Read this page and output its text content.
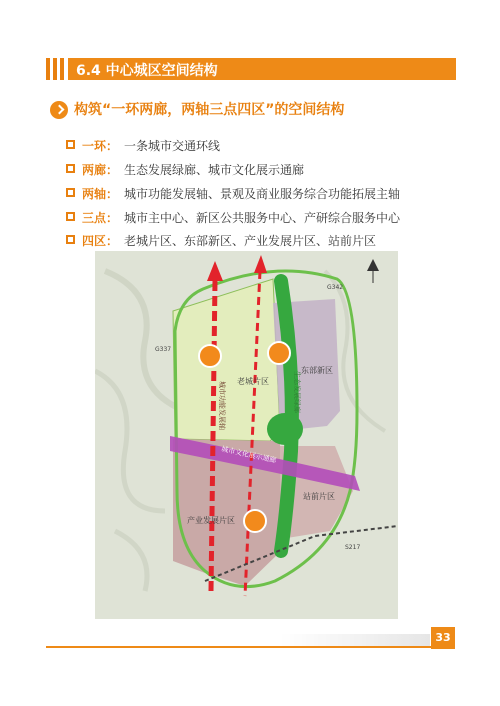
6.4 中心城区空间结构
构筑“一环两廊，两轴三点四区”的空间结构
一环： 一条城市交通环线
两廊： 生态发展绿廊、城市文化展示通廊
两轴： 城市功能发展轴、景观及商业服务综合功能拓展主轴
三点： 城市主中心、新区公共服务中心、产研综合服务中心
四区： 老城片区、东部新区、产业发展片区、站前片区
东部新区
老城片区
站前片区
产业发展片区
城市文化展示通廊
城市功能发展轴	生态发展绿廊
G342
S217
G337
33
